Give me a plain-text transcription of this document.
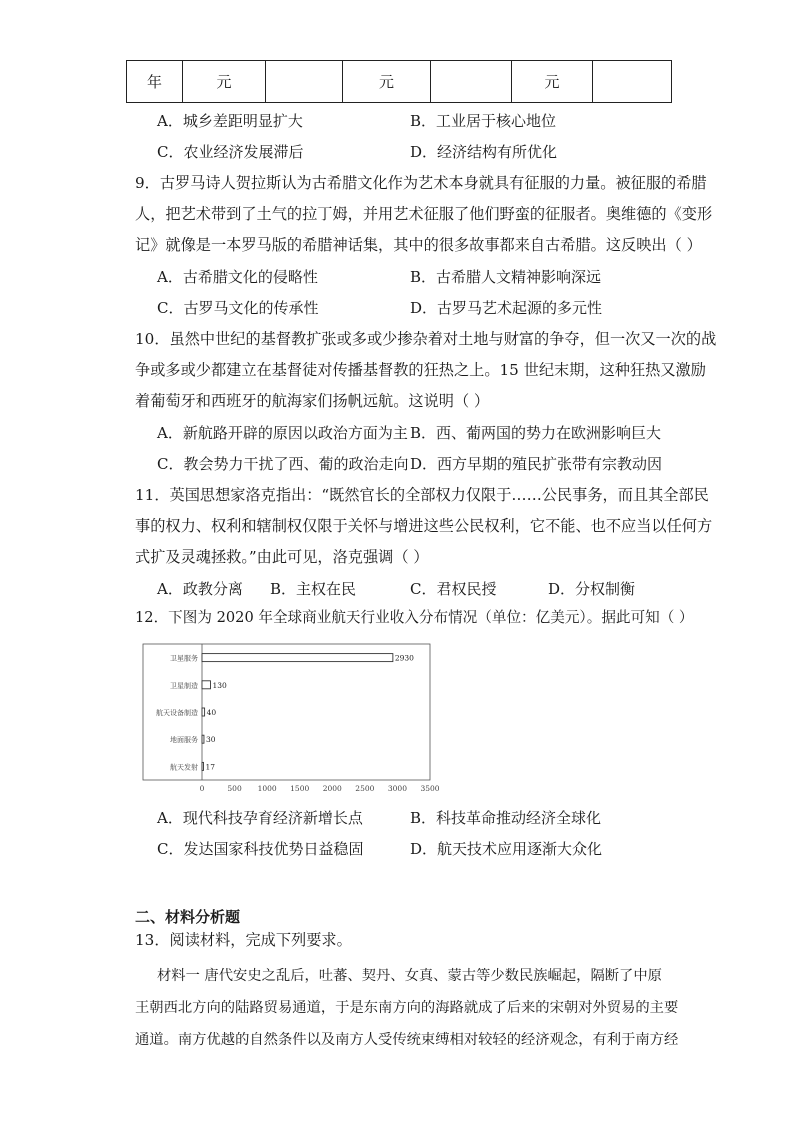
年	元		元		元	
A．城乡差距明显扩大	B．工业居于核心地位
C．农业经济发展滞后	D．经济结构有所优化
9．古罗马诗人贺拉斯认为古希腊文化作为艺术本身就具有征服的力量。被征服的希腊
人，把艺术带到了土气的拉丁姆，并用艺术征服了他们野蛮的征服者。奥维德的《变形
记》就像是一本罗马版的希腊神话集，其中的很多故事都来自古希腊。这反映出（ ）
A．古希腊文化的侵略性	B．古希腊人文精神影响深远
C．古罗马文化的传承性	D．古罗马艺术起源的多元性
10．虽然中世纪的基督教扩张或多或少掺杂着对土地与财富的争夺，但一次又一次的战
争或多或少都建立在基督徒对传播基督教的狂热之上。15 世纪末期，这种狂热又激励
着葡萄牙和西班牙的航海家们扬帆远航。这说明（ ）
A．新航路开辟的原因以政治方面为主 B．西、葡两国的势力在欧洲影响巨大
C．教会势力干扰了西、葡的政治走向 D．西方早期的殖民扩张带有宗教动因
11．英国思想家洛克指出：“既然官长的全部权力仅限于……公民事务，而且其全部民
事的权力、权利和辖制权仅限于关怀与增进这些公民权利，它不能、也不应当以任何方
式扩及灵魂拯救。”由此可见，洛克强调（ ）
A．政教分离 B．主权在民	C．君权民授	D．分权制衡
12．下图为 2020 年全球商业航天行业收入分布情况（单位：亿美元）。据此可知（ ）
卫星服务
卫星制造
航天设备制造
地面服务
航天发射
2930
130
40
30
17
0	500 1000 1500 2000 2500 3000 3500
A．现代科技孕育经济新增长点	B．科技革命推动经济全球化
C．发达国家科技优势日益稳固	D．航天技术应用逐渐大众化
二、材料分析题
13．阅读材料，完成下列要求。
材料一 唐代安史之乱后，吐蕃、契丹、女真、蒙古等少数民族崛起，隔断了中原
王朝西北方向的陆路贸易通道，于是东南方向的海路就成了后来的宋朝对外贸易的主要
通道。南方优越的自然条件以及南方人受传统束缚相对较轻的经济观念，有利于南方经
